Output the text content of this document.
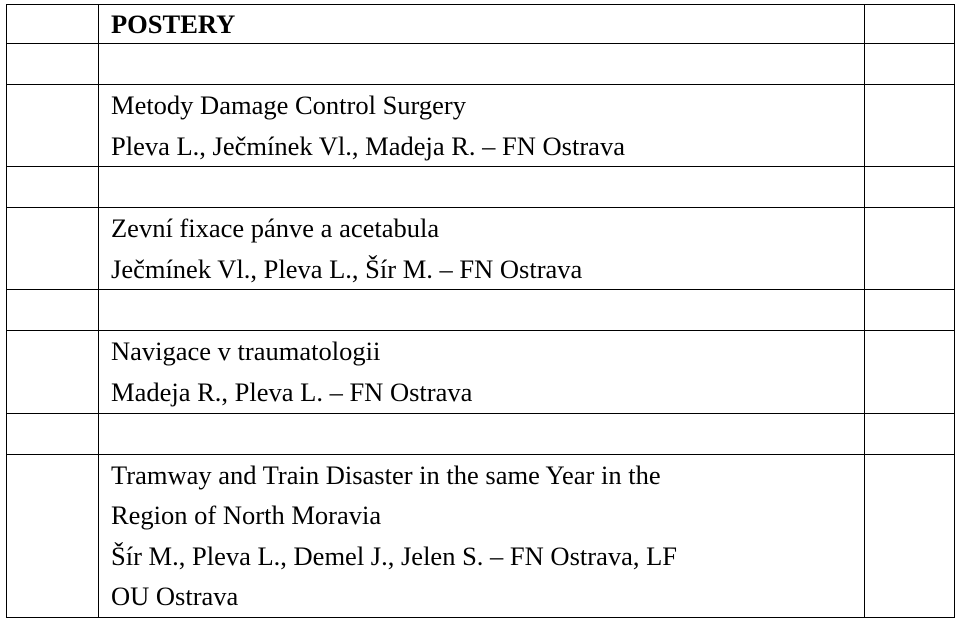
	POSTERY	

	Metody Damage Control Surgery
Pleva L., Ječmínek Vl., Madeja R. – FN Ostrava	

	Zevní fixace pánve a acetabula
Ječmínek Vl., Pleva L., Šír M. – FN Ostrava	

	Navigace v traumatologii
Madeja R., Pleva L. – FN Ostrava	

	Tramway and Train Disaster in the same Year in the
Region of North Moravia
Šír M., Pleva L., Demel J., Jelen S. – FN Ostrava, LF
OU Ostrava	
